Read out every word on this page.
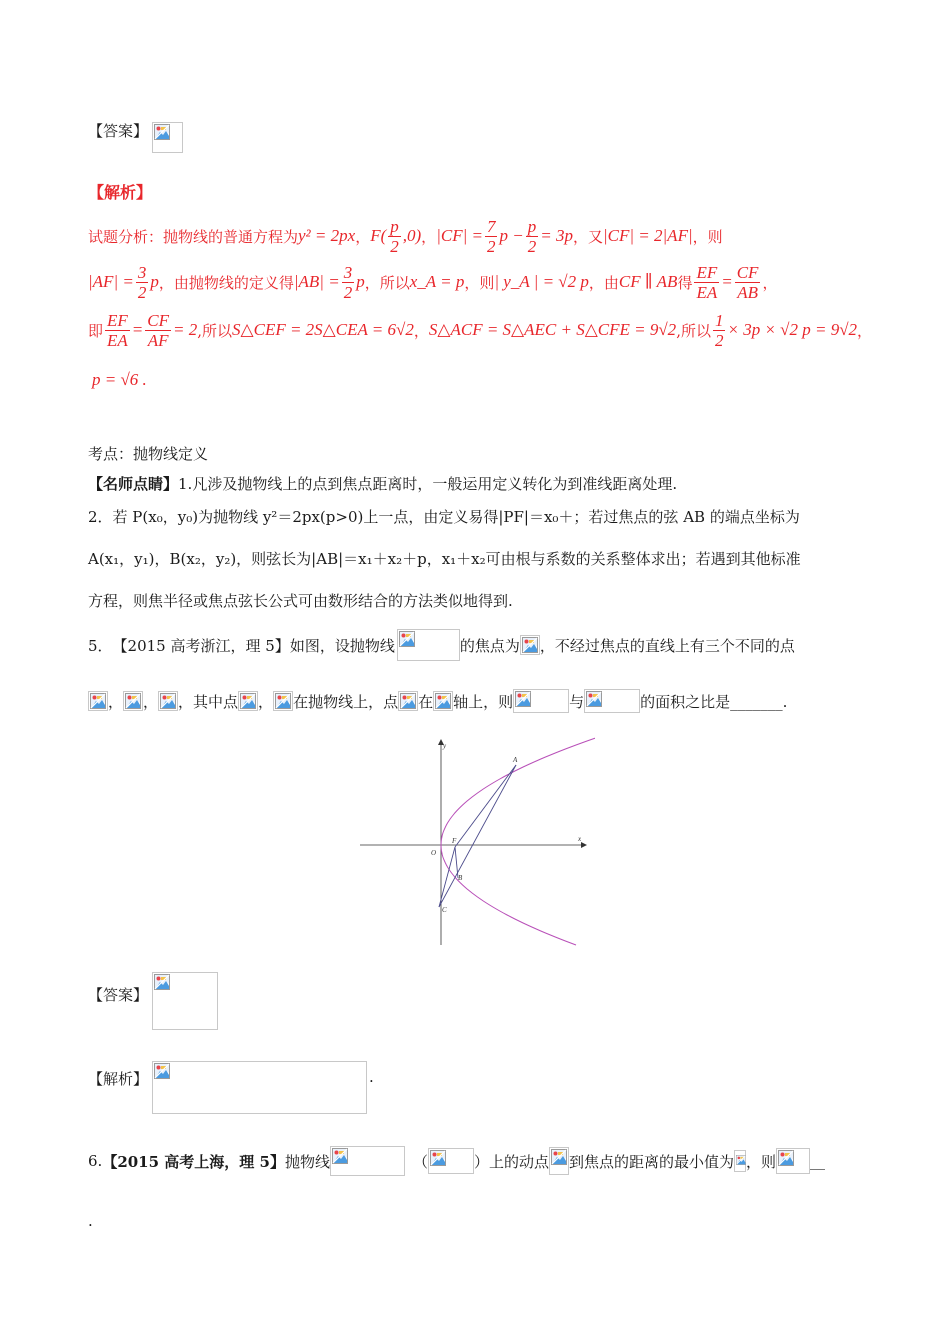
【答案】
【解析】
试题分析：抛物线的普通方程为 y² = 2px ， $F( \frac{p}{2} ,0)$ ， $|CF| = \frac{7}{2}$ $p - \frac{p}{2} = 3p$ ，又 |CF| = 2|AF| ，则
$|AF| = \frac{3}{2}$ p ，由抛物线的定义得 $|AB| = \frac{3}{2}$ p ，所以 x_A = p ，则 | y_A | = √2 p ，由 CF ∥ AB 得 $\frac{EF}{EA} = \frac{CF}{AB}$ ，
即 $\frac{EF}{EA} = \frac{CF}{AF} = 2$ ,所以 S△CEF = 2S△CEA = 6√2 ， S△ACF = S△AEC + S△CFE = 9√2 ,所以 $\frac{1}{2} \times 3p \times √2$ p = 9√2 ，
p = √6 .
考点：抛物线定义
【名师点睛】1.凡涉及抛物线上的点到焦点距离时，一般运用定义转化为到准线距离处理.
2．若 P(x₀，y₀)为抛物线 y²＝2px(p>0)上一点，由定义易得|PF|＝x₀＋；若过焦点的弦 AB 的端点坐标为
A(x₁，y₁)，B(x₂，y₂)，则弦长为|AB|＝x₁＋x₂＋p，x₁＋x₂可由根与系数的关系整体求出；若遇到其他标准
方程，则焦半径或焦点弦长公式可由数形结合的方法类似地得到.
5． 【2015 高考浙江，理 5】 如图，设抛物线	的焦点为 ，不经过焦点的直线上有三个不同的点
， ， ，其中点 ， 在抛物线上，点 在 轴上，则	与	的面积之比是_______.
y
x
O
F
A
B
C
【答案】
【解析】	.
6. 【2015 高考上海，理 5】 抛物线	（	） 上的动点 到焦点的距离的最小值为 ，则 __
.
